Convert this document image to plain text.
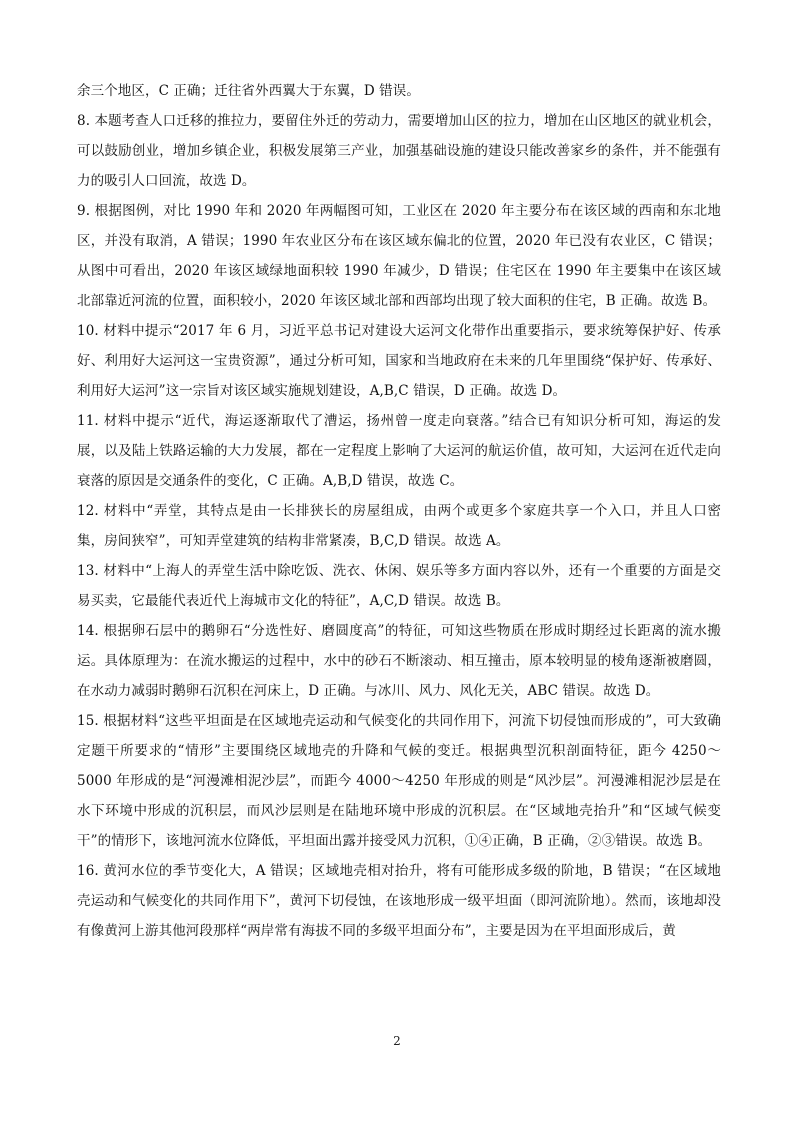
余三个地区，C 正确；迁往省外西翼大于东翼，D 错误。

8. 本题考查人口迁移的推拉力，要留住外迁的劳动力，需要增加山区的拉力，增加在山区地区的就业机会，可以鼓励创业，增加乡镇企业，积极发展第三产业，加强基础设施的建设只能改善家乡的条件，并不能强有力的吸引人口回流，故选 D。

9. 根据图例，对比 1990 年和 2020 年两幅图可知，工业区在 2020 年主要分布在该区域的西南和东北地区，并没有取消，A 错误；1990 年农业区分布在该区域东偏北的位置，2020 年已没有农业区，C 错误；从图中可看出，2020 年该区域绿地面积较 1990 年减少，D 错误；住宅区在 1990 年主要集中在该区域北部靠近河流的位置，面积较小，2020 年该区域北部和西部均出现了较大面积的住宅，B 正确。故选 B。

10. 材料中提示“2017 年 6 月，习近平总书记对建设大运河文化带作出重要指示，要求统筹保护好、传承好、利用好大运河这一宝贵资源”，通过分析可知，国家和当地政府在未来的几年里围绕“保护好、传承好、利用好大运河”这一宗旨对该区域实施规划建设，A,B,C 错误，D 正确。故选 D。

11. 材料中提示“近代，海运逐渐取代了漕运，扬州曾一度走向衰落。”结合已有知识分析可知，海运的发展，以及陆上铁路运输的大力发展，都在一定程度上影响了大运河的航运价值，故可知，大运河在近代走向衰落的原因是交通条件的变化，C 正确。A,B,D 错误，故选 C。

12. 材料中“弄堂，其特点是由一长排狭长的房屋组成，由两个或更多个家庭共享一个入口，并且人口密集，房间狭窄”，可知弄堂建筑的结构非常紧凑，B,C,D 错误。故选 A。

13. 材料中“上海人的弄堂生活中除吃饭、洗衣、休闲、娱乐等多方面内容以外，还有一个重要的方面是交易买卖，它最能代表近代上海城市文化的特征”，A,C,D 错误。故选 B。

14. 根据卵石层中的鹅卵石“分选性好、磨圆度高”的特征，可知这些物质在形成时期经过长距离的流水搬运。具体原理为：在流水搬运的过程中，水中的砂石不断滚动、相互撞击，原本较明显的棱角逐渐被磨圆，在水动力减弱时鹅卵石沉积在河床上，D 正确。与冰川、风力、风化无关，ABC 错误。故选 D。

15. 根据材料“这些平坦面是在区域地壳运动和气候变化的共同作用下，河流下切侵蚀而形成的”，可大致确定题干所要求的“情形”主要围绕区域地壳的升降和气候的变迁。根据典型沉积剖面特征，距今 4250～5000 年形成的是“河漫滩相泥沙层”，而距今 4000～4250 年形成的则是“风沙层”。河漫滩相泥沙层是在水下环境中形成的沉积层，而风沙层则是在陆地环境中形成的沉积层。在“区域地壳抬升”和“区域气候变干”的情形下，该地河流水位降低，平坦面出露并接受风力沉积，①④正确，B 正确，②③错误。故选 B。

16. 黄河水位的季节变化大，A 错误；区域地壳相对抬升，将有可能形成多级的阶地，B 错误；“在区域地壳运动和气候变化的共同作用下”，黄河下切侵蚀，在该地形成一级平坦面（即河流阶地）。然而，该地却没有像黄河上游其他河段那样“两岸常有海拔不同的多级平坦面分布”，主要是因为在平坦面形成后，黄

2
